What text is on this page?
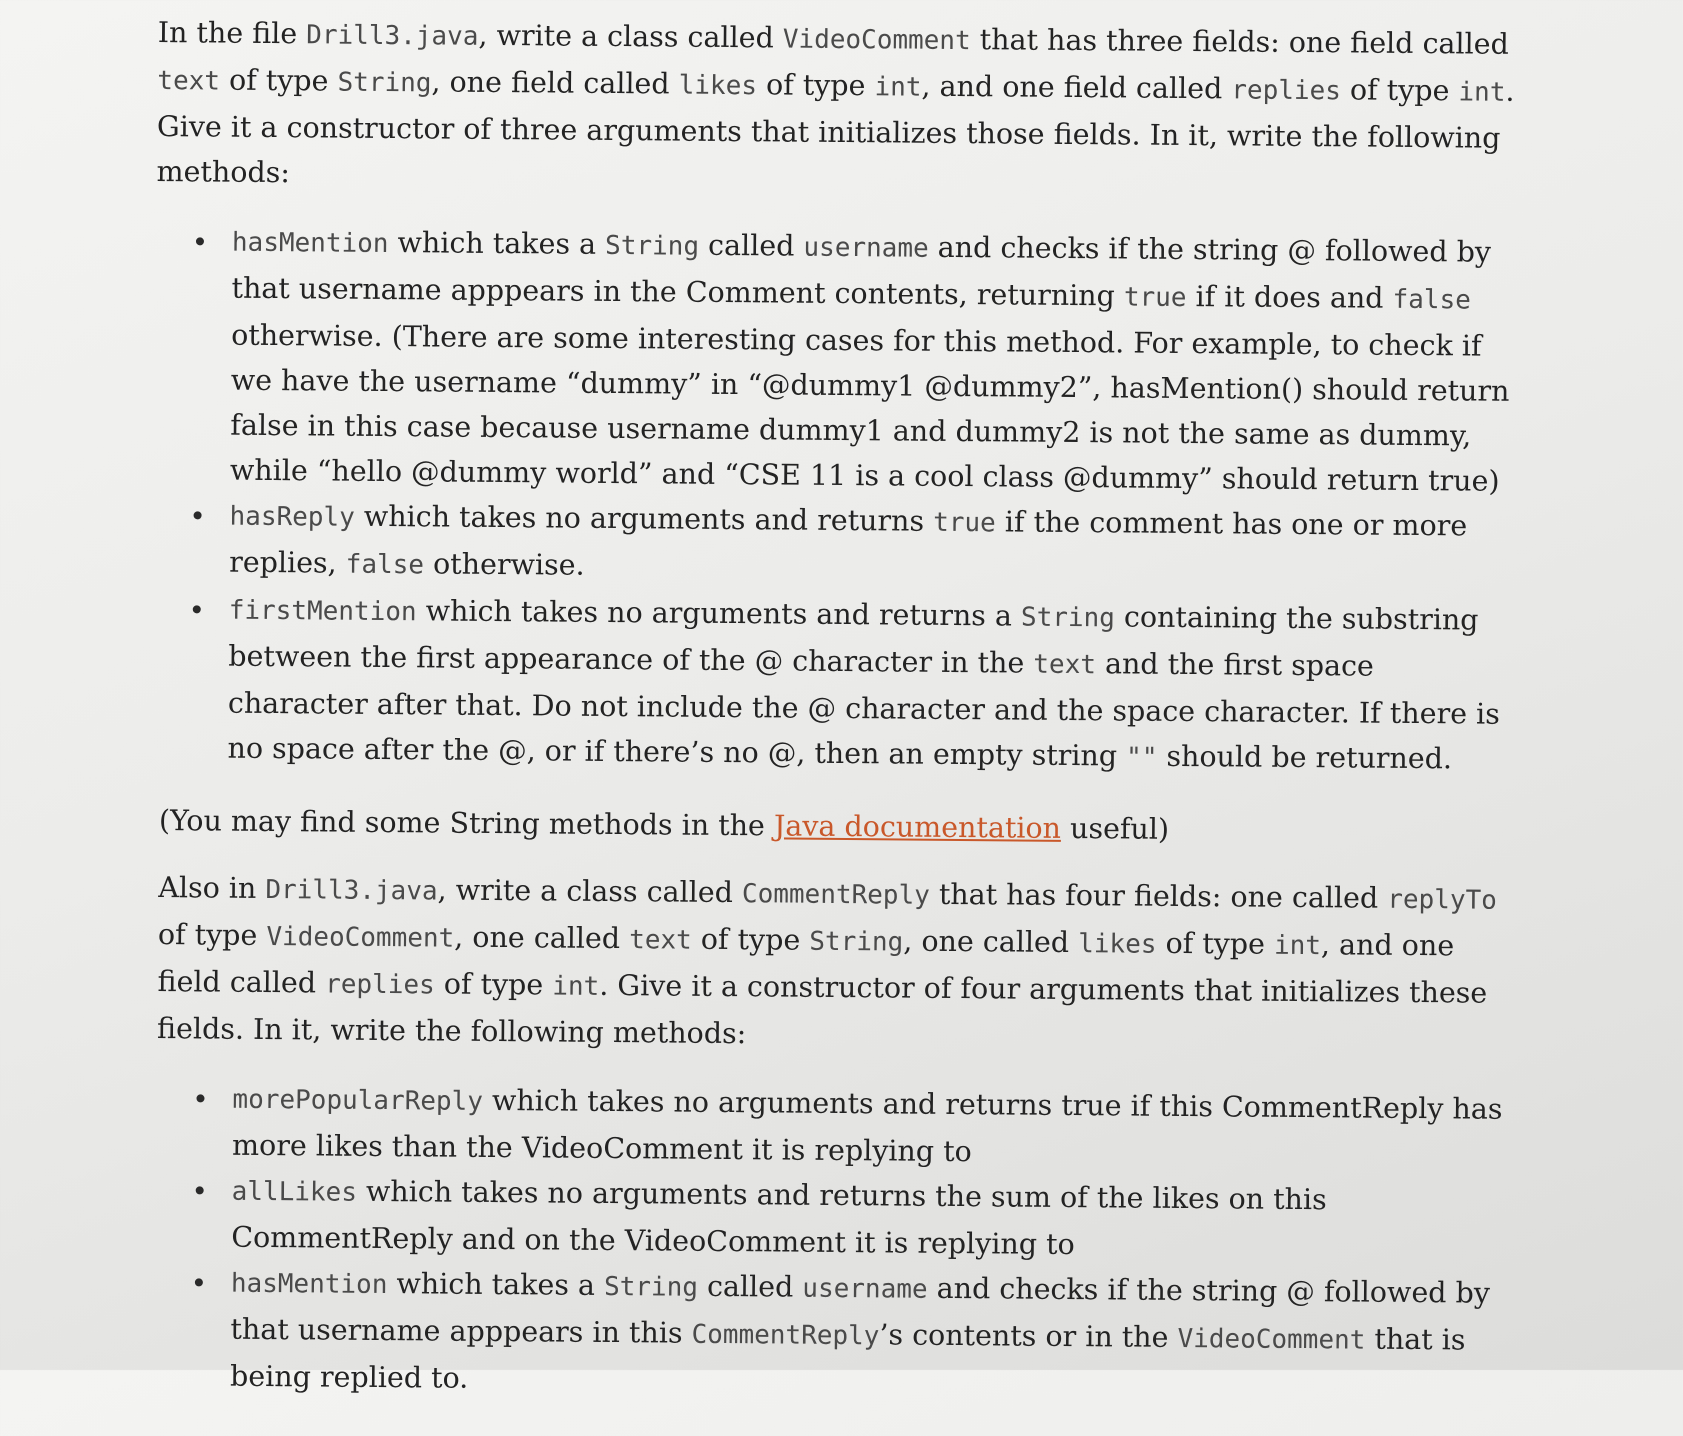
In the file Drill3.java, write a class called VideoComment that has three fields: one field called text of type String, one field called likes of type int, and one field called replies of type int. Give it a constructor of three arguments that initializes those fields. In it, write the following methods:

hasMention which takes a String called username and checks if the string @ followed by that username apppears in the Comment contents, returning true if it does and false otherwise. (There are some interesting cases for this method. For example, to check if we have the username “dummy” in “@dummy1 @dummy2”, hasMention() should return false in this case because username dummy1 and dummy2 is not the same as dummy, while “hello @dummy world” and “CSE 11 is a cool class @dummy” should return true)
hasReply which takes no arguments and returns true if the comment has one or more replies, false otherwise.
firstMention which takes no arguments and returns a String containing the substring between the first appearance of the @ character in the text and the first space character after that. Do not include the @ character and the space character. If there is no space after the @, or if there’s no @, then an empty string "" should be returned.

(You may find some String methods in the Java documentation useful)

Also in Drill3.java, write a class called CommentReply that has four fields: one called replyTo of type VideoComment, one called text of type String, one called likes of type int, and one field called replies of type int. Give it a constructor of four arguments that initializes these fields. In it, write the following methods:

morePopularReply which takes no arguments and returns true if this CommentReply has more likes than the VideoComment it is replying to
allLikes which takes no arguments and returns the sum of the likes on this CommentReply and on the VideoComment it is replying to
hasMention which takes a String called username and checks if the string @ followed by that username apppears in this CommentReply’s contents or in the VideoComment that is being replied to.
